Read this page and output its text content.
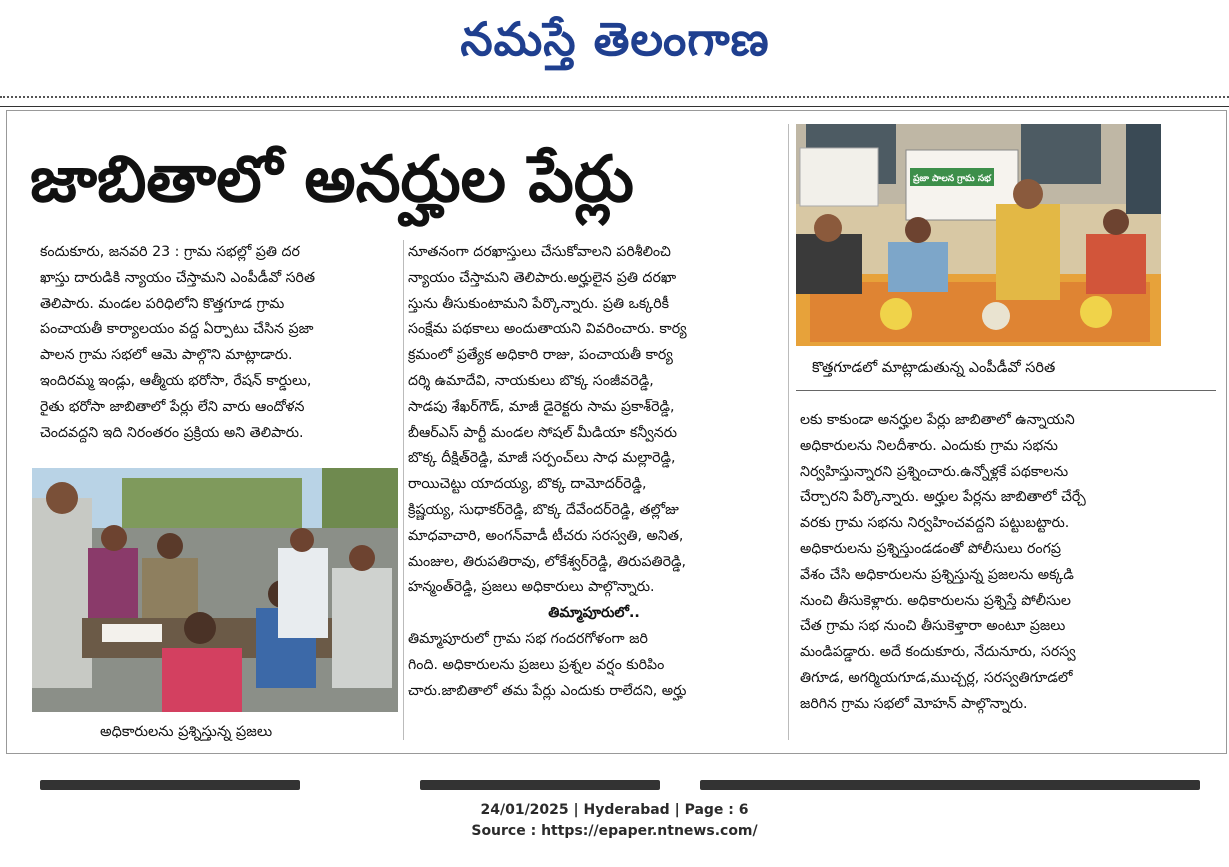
నమస్తే తెలంగాణ
జాబితాలో అనర్హుల పేర్లు

కందుకూరు, జనవరి 23 : గ్రామ సభల్లో ప్రతి దర

ఖాస్తు దారుడికి న్యాయం చేస్తామని ఎంపీడీవో సరిత

తెలిపారు. మండల పరిధిలోని కొత్తగూడ గ్రామ

పంచాయతీ కార్యాలయం వద్ద ఏర్పాటు చేసిన ప్రజా

పాలన గ్రామ సభలో ఆమె పాల్గొని మాట్లాడారు.

ఇందిరమ్మ ఇండ్లు, ఆత్మీయ భరోసా, రేషన్ కార్డులు,

రైతు భరోసా జాబితాలో పేర్లు లేని వారు ఆందోళన

చెందవద్దని ఇది నిరంతరం ప్రక్రియ అని తెలిపారు.

నూతనంగా దరఖాస్తులు చేసుకోవాలని పరిశీలించి

న్యాయం చేస్తామని తెలిపారు.అర్హులైన ప్రతి దరఖా

స్తును తీసుకుంటామని పేర్కొన్నారు. ప్రతి ఒక్కరికీ

సంక్షేమ పథకాలు అందుతాయని వివరించారు. కార్య

క్రమంలో ప్రత్యేక అధికారి రాజు, పంచాయతీ కార్య

దర్శి ఉమాదేవి, నాయకులు బొక్క సంజీవరెడ్డి,

సాడపు శేఖర్‌గౌడ్, మాజీ డైరెక్టరు సామ ప్రకాశ్‌రెడ్డి,

బీఆర్ఎస్ పార్టీ మండల సోషల్ మీడియా కన్వీనరు

బొక్క దీక్షిత్‌రెడ్డి, మాజీ సర్పంచ్‌లు సాధ మల్లారెడ్డి,

రాయిచెట్టు యాదయ్య, బొక్క దామోదర్‌రెడ్డి,

క్రిష్ణయ్య, సుధాకర్‌రెడ్డి, బొక్క దేవేందర్‌రెడ్డి, తల్లోజు

మాధవాచారి, అంగన్‌వాడీ టీచరు సరస్వతి, అనిత,

మంజుల, తిరుపతిరావు, లోకేశ్వర్‌రెడ్డి, తిరుపతిరెడ్డి,

హన్మంత్‌రెడ్డి, ప్రజలు అధికారులు పాల్గొన్నారు.

తిమ్మాపూరులో..

తిమ్మాపూరులో గ్రామ సభ గందరగోళంగా జరి

గింది. అధికారులను ప్రజలు ప్రశ్నల వర్షం కురిపిం

చారు.జాబితాలో తమ పేర్లు ఎందుకు రాలేదని, అర్హు

ప్రజా పాలన గ్రామ సభ
కొత్తగూడలో మాట్లాడుతున్న ఎంపీడీవో సరిత

లకు కాకుండా అనర్హుల పేర్లు జాబితాలో ఉన్నాయని

అధికారులను నిలదీశారు. ఎందుకు గ్రామ సభను

నిర్వహిస్తున్నారని ప్రశ్నించారు.ఉన్నోళ్లకే పథకాలను

చేర్చారని పేర్కొన్నారు. అర్హుల పేర్లను జాబితాలో చేర్చే

వరకు గ్రామ సభను నిర్వహించవద్దని పట్టుబట్టారు.

అధికారులను ప్రశ్నిస్తుండడంతో పోలీసులు రంగప్ర

వేశం చేసి అధికారులను ప్రశ్నిస్తున్న ప్రజలను అక్కడి

నుంచి తీసుకెళ్లారు. అధికారులను ప్రశ్నిస్తే పోలీసుల

చేత గ్రామ సభ నుంచి తీసుకెళ్తారా అంటూ ప్రజలు

మండిపడ్డారు. అదే కందుకూరు, నేదునూరు, సరస్వ

తిగూడ, అగర్మియగూడ,ముచ్చర్ల, సరస్వతిగూడలో

జరిగిన గ్రామ సభలో మోహన్ పాల్గొన్నారు.

అధికారులను ప్రశ్నిస్తున్న ప్రజలు
24/01/2025 | Hyderabad | Page : 6
Source : https://epaper.ntnews.com/
